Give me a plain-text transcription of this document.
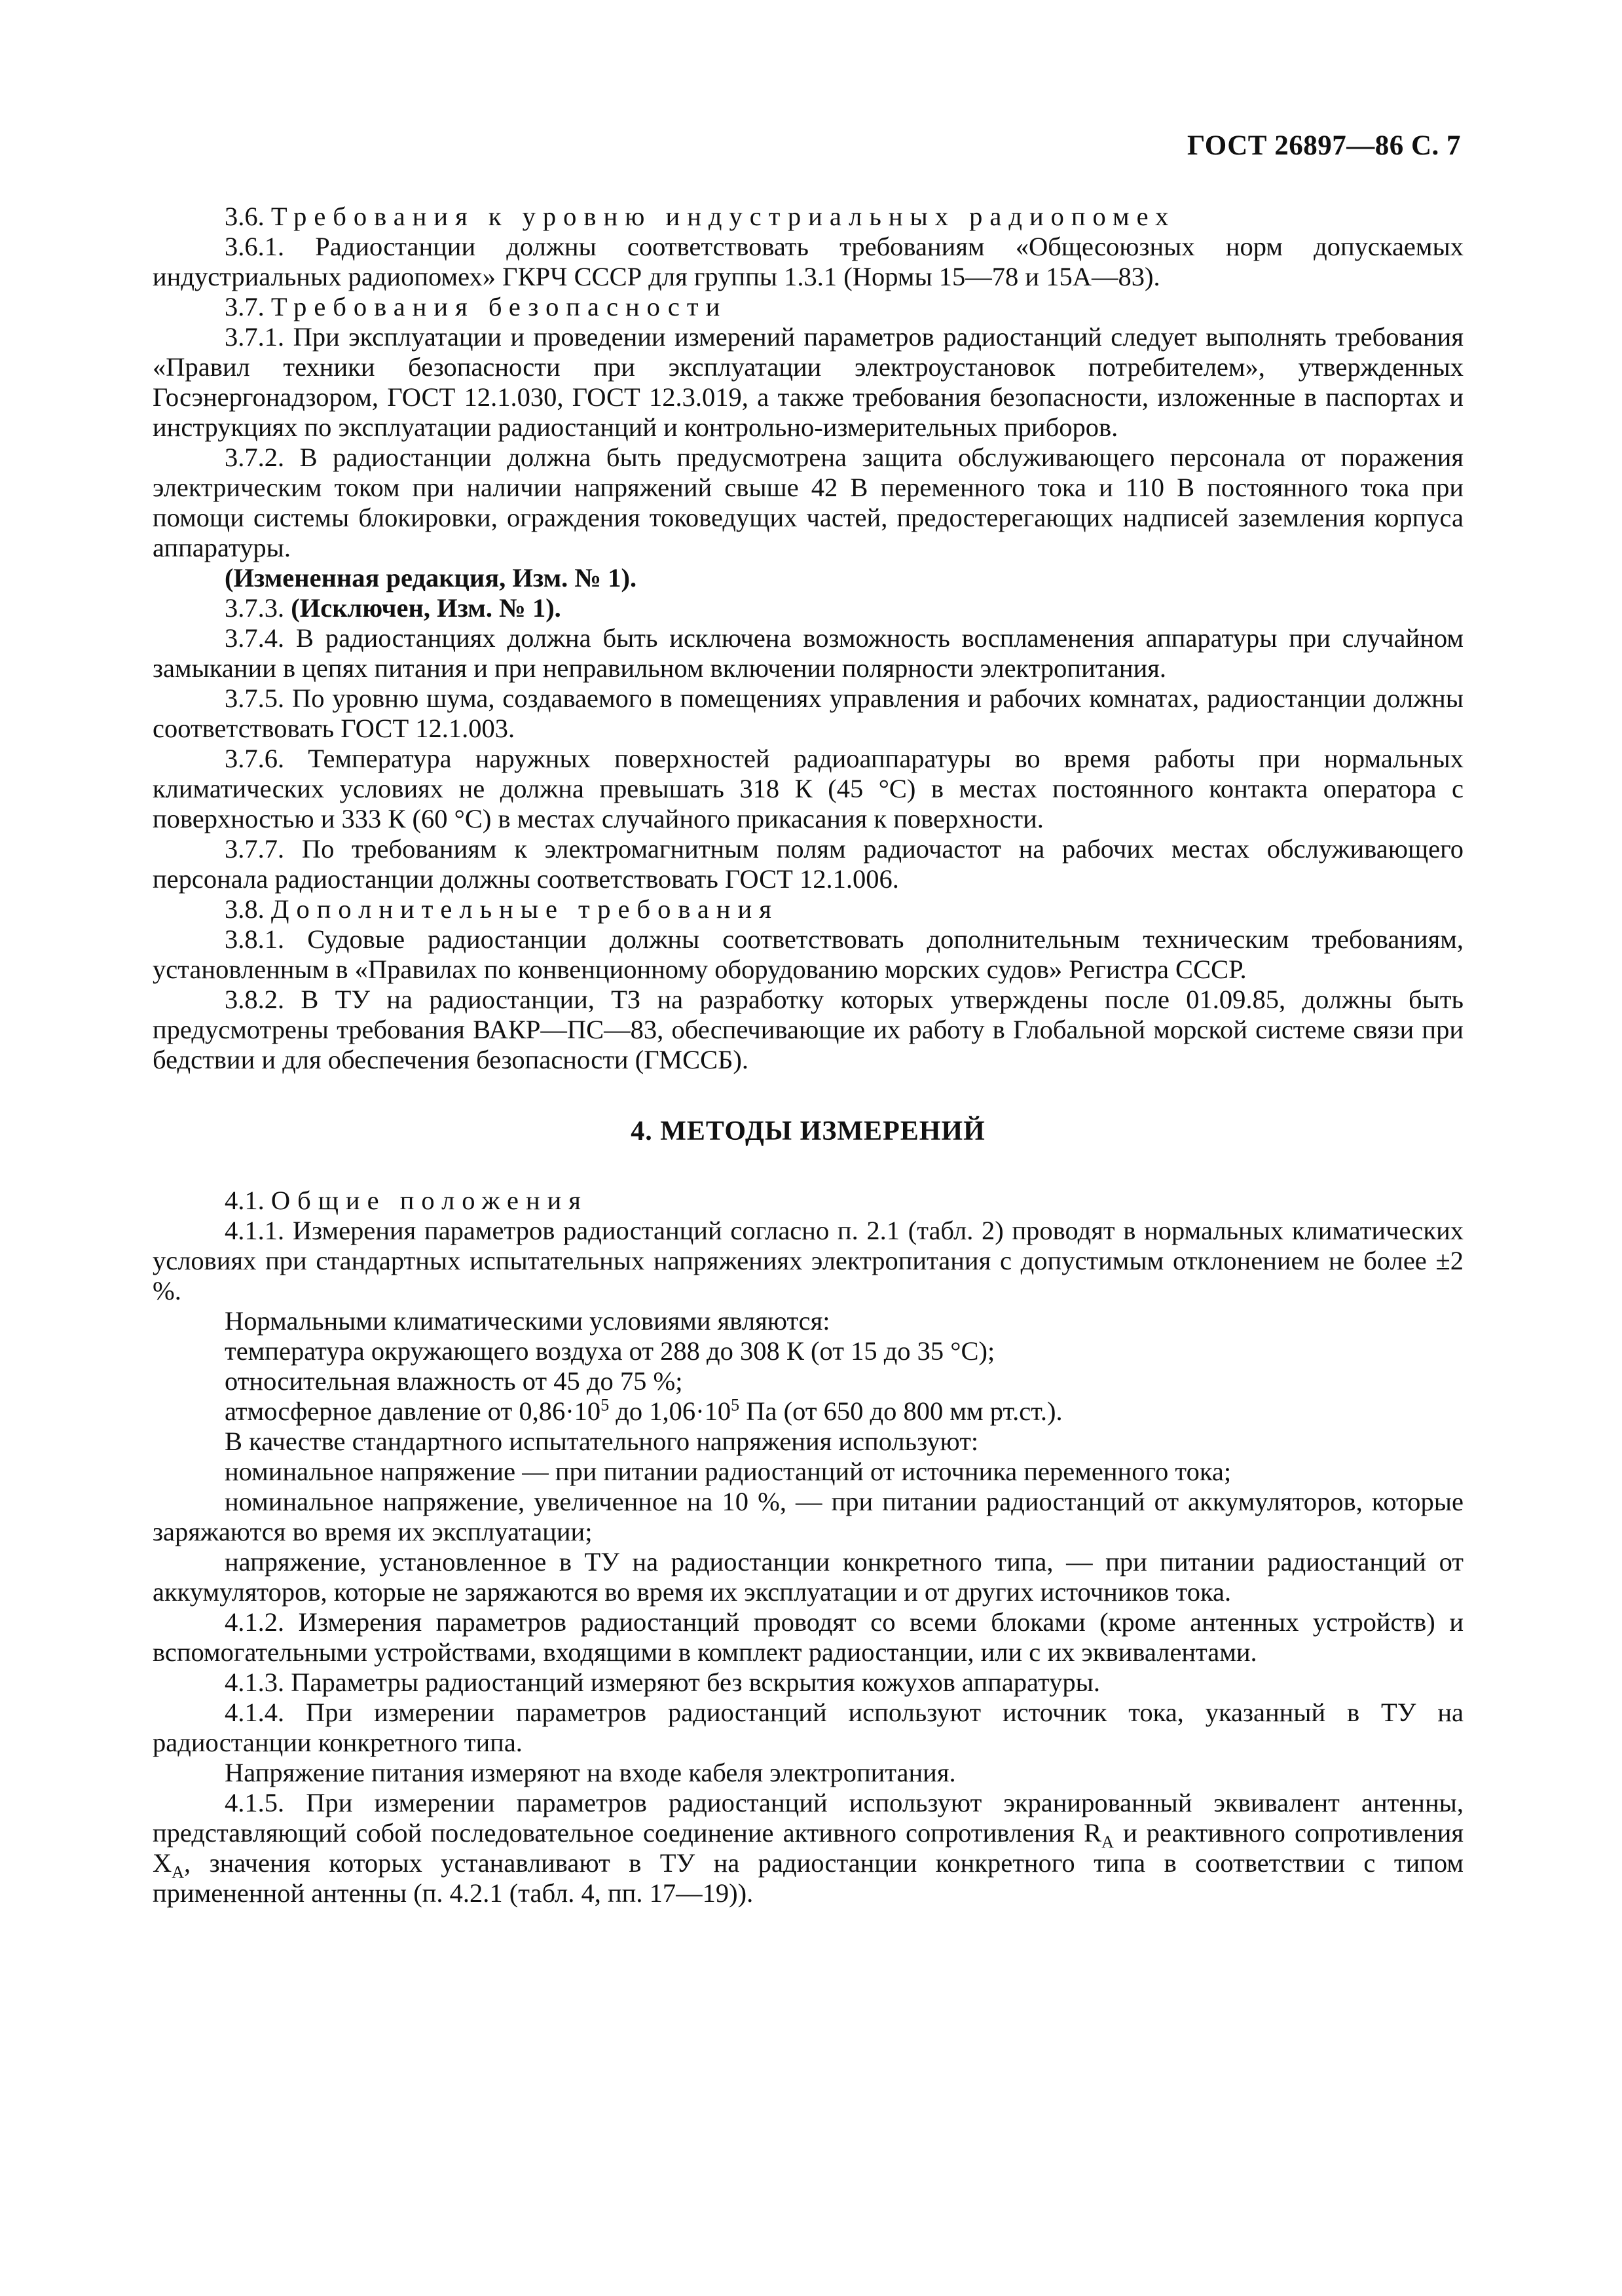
ГОСТ 26897—86 С. 7

3.6. Требования к уровню индустриальных радиопомех

3.6.1. Радиостанции должны соответствовать требованиям «Общесоюзных норм допускаемых индустриальных радиопомех» ГКРЧ СССР для группы 1.3.1 (Нормы 15—78 и 15А—83).

3.7. Требования безопасности

3.7.1. При эксплуатации и проведении измерений параметров радиостанций следует выполнять требования «Правил техники безопасности при эксплуатации электроустановок потребителем», утвержденных Госэнергонадзором, ГОСТ 12.1.030, ГОСТ 12.3.019, а также требования безопасности, изложенные в паспортах и инструкциях по эксплуатации радиостанций и контрольно-измерительных приборов.

3.7.2. В радиостанции должна быть предусмотрена защита обслуживающего персонала от поражения электрическим током при наличии напряжений свыше 42 В переменного тока и 110 В постоянного тока при помощи системы блокировки, ограждения токоведущих частей, предостерегающих надписей заземления корпуса аппаратуры.

(Измененная редакция, Изм. № 1).

3.7.3. (Исключен, Изм. № 1).

3.7.4. В радиостанциях должна быть исключена возможность воспламенения аппаратуры при случайном замыкании в цепях питания и при неправильном включении полярности электропитания.

3.7.5. По уровню шума, создаваемого в помещениях управления и рабочих комнатах, радиостанции должны соответствовать ГОСТ 12.1.003.

3.7.6. Температура наружных поверхностей радиоаппаратуры во время работы при нормальных климатических условиях не должна превышать 318 К (45 °С) в местах постоянного контакта оператора с поверхностью и 333 К (60 °С) в местах случайного прикасания к поверхности.

3.7.7. По требованиям к электромагнитным полям радиочастот на рабочих местах обслуживающего персонала радиостанции должны соответствовать ГОСТ 12.1.006.

3.8. Дополнительные требования

3.8.1. Судовые радиостанции должны соответствовать дополнительным техническим требованиям, установленным в «Правилах по конвенционному оборудованию морских судов» Регистра СССР.

3.8.2. В ТУ на радиостанции, ТЗ на разработку которых утверждены после 01.09.85, должны быть предусмотрены требования ВАКР—ПС—83, обеспечивающие их работу в Глобальной морской системе связи при бедствии и для обеспечения безопасности (ГМССБ).

4. МЕТОДЫ ИЗМЕРЕНИЙ

4.1. Общие положения

4.1.1. Измерения параметров радиостанций согласно п. 2.1 (табл. 2) проводят в нормальных климатических условиях при стандартных испытательных напряжениях электропитания с допустимым отклонением не более ±2 %.

Нормальными климатическими условиями являются:

температура окружающего воздуха от 288 до 308 К (от 15 до 35 °С);

относительная влажность от 45 до 75 %;

атмосферное давление от $0,86\cdot 10^5$ до $1,06\cdot 10^5$ Па (от 650 до 800 мм рт.ст.).

В качестве стандартного испытательного напряжения используют:

номинальное напряжение — при питании радиостанций от источника переменного тока;

номинальное напряжение, увеличенное на 10 %, — при питании радиостанций от аккумуляторов, которые заряжаются во время их эксплуатации;

напряжение, установленное в ТУ на радиостанции конкретного типа, — при питании радиостанций от аккумуляторов, которые не заряжаются во время их эксплуатации и от других источников тока.

4.1.2. Измерения параметров радиостанций проводят со всеми блоками (кроме антенных устройств) и вспомогательными устройствами, входящими в комплект радиостанции, или с их эквивалентами.

4.1.3. Параметры радиостанций измеряют без вскрытия кожухов аппаратуры.

4.1.4. При измерении параметров радиостанций используют источник тока, указанный в ТУ на радиостанции конкретного типа.

Напряжение питания измеряют на входе кабеля электропитания.

4.1.5. При измерении параметров радиостанций используют экранированный эквивалент антенны, представляющий собой последовательное соединение активного сопротивления $R_A$ и реактивного сопротивления $X_A$, значения которых устанавливают в ТУ на радиостанции конкретного типа в соответствии с типом примененной антенны (п. 4.2.1 (табл. 4, пп. 17—19)).
